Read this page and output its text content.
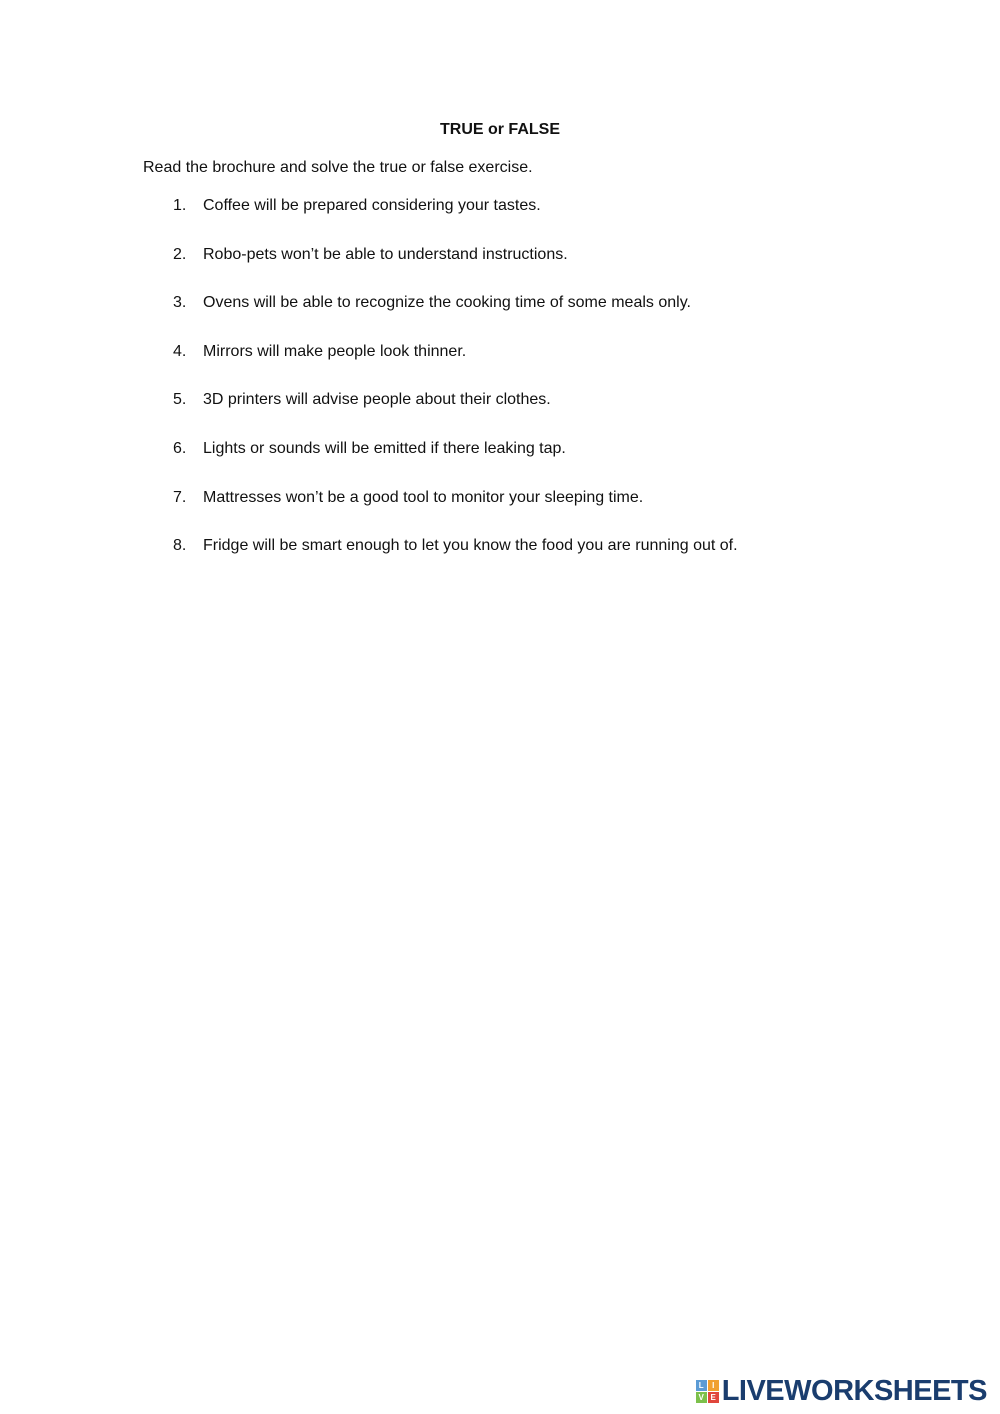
TRUE or FALSE
Read the brochure and solve the true or false exercise.
1.	Coffee will be prepared considering your tastes.
2.	Robo-pets won’t be able to understand instructions.
3.	Ovens will be able to recognize the cooking time of some meals only.
4.	Mirrors will make people look thinner.
5.	3D printers will advise people about their clothes.
6.	Lights or sounds will be emitted if there leaking tap.
7.	Mattresses won’t be a good tool to monitor your sleeping time.
8.	Fridge will be smart enough to let you know the food you are running out of.
L	I
V E LIVEWORKSHEETS
